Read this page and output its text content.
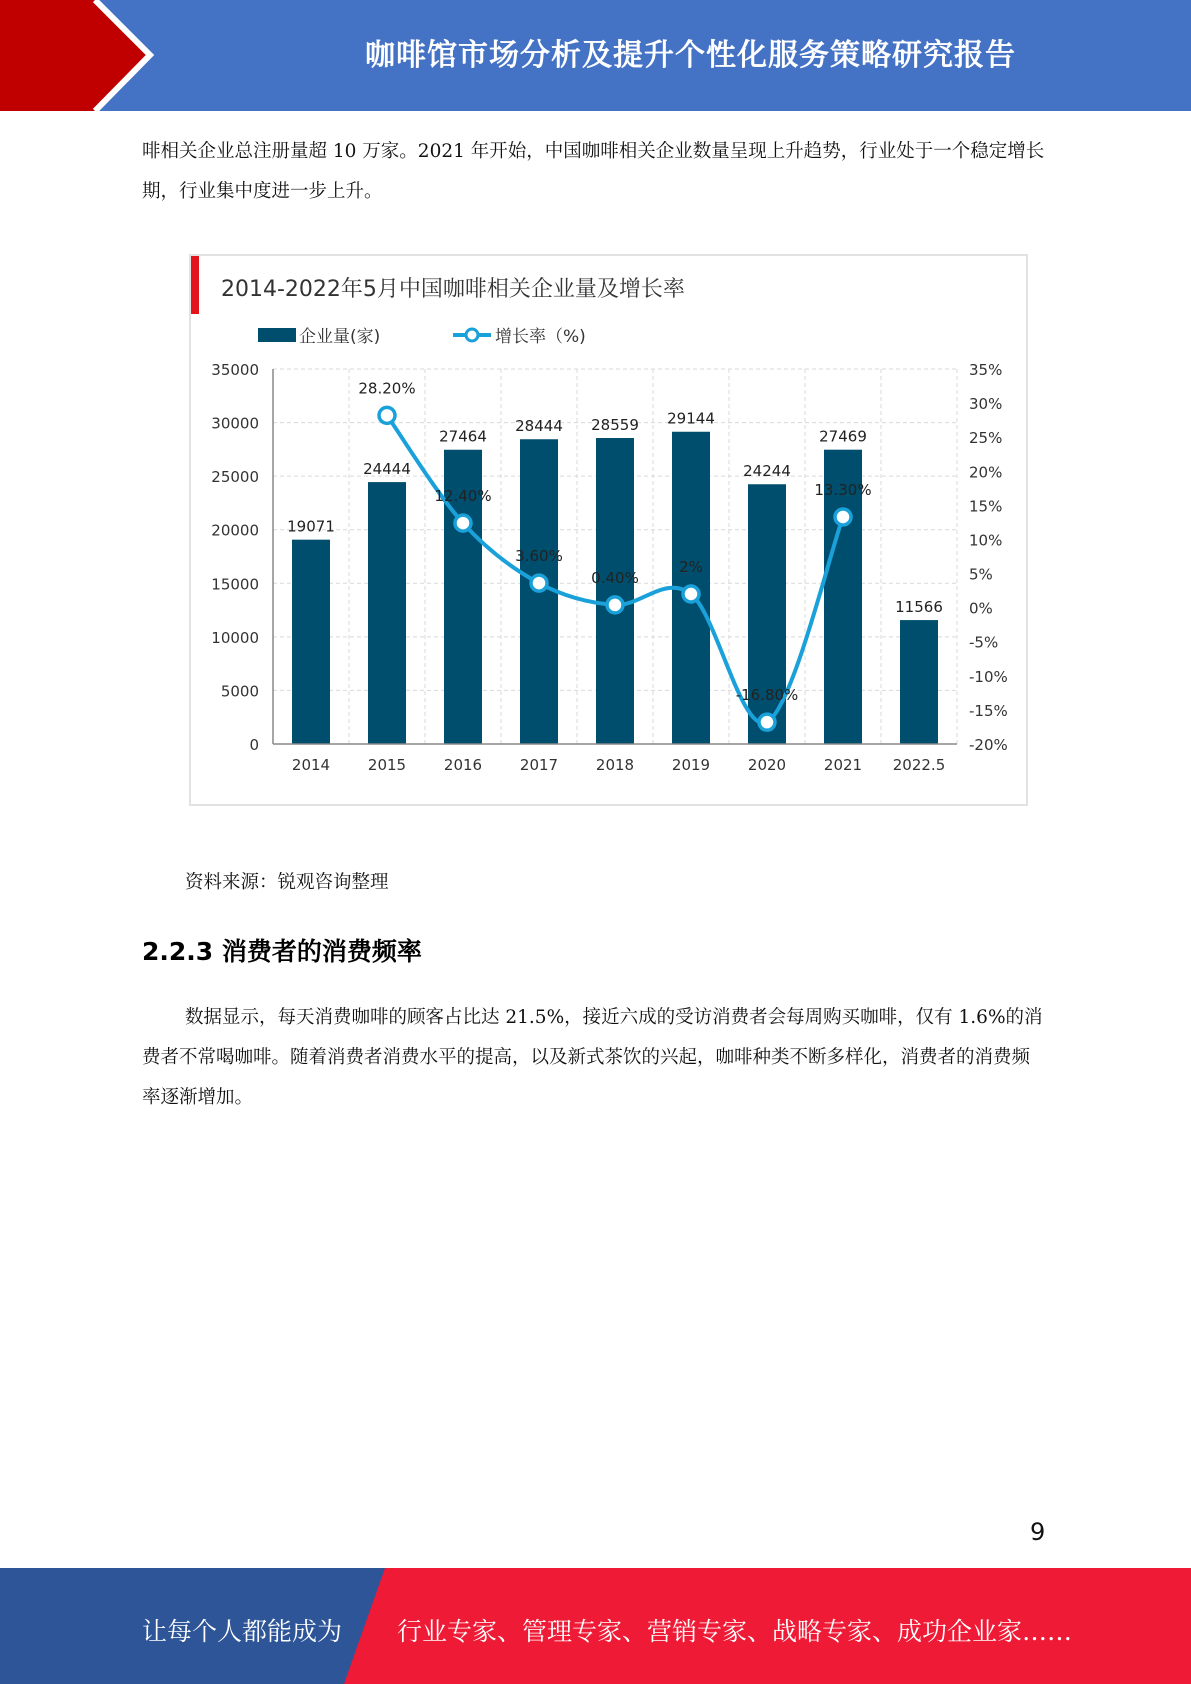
咖啡馆市场分析及提升个性化服务策略研究报告
啡相关企业总注册量超 10 万家。2021 年开始，中国咖啡相关企业数量呈现上升趋势，行业处于一个稳定增长期，行业集中度进一步上升。
2014-2022年5月中国咖啡相关企业量及增长率
企业量(家)	增长率（%)
19071
24444
27464
28444 28559 29144
24244
27469
11566
28.20%
12.40%
3.60%
0.40%
2%
-16.80%
13.30%
0
5000
10000
15000
20000
25000
30000
35000
-20%
-15%
-10%
-5%
0%
5%
10%
15%
20%
25%
30%
35%
2014	2015	2016	2017	2018	2019	2020	2021 2022.5
资料来源：锐观咨询整理
2.2.3 消费者的消费频率
数据显示，每天消费咖啡的顾客占比达 21.5%，接近六成的受访消费者会每周购买咖啡，仅有 1.6%的消费者不常喝咖啡。随着消费者消费水平的提高，以及新式茶饮的兴起，咖啡种类不断多样化，消费者的消费频率逐渐增加。
9
让每个人都能成为 行业专家、管理专家、营销专家、战略专家、成功企业家……
